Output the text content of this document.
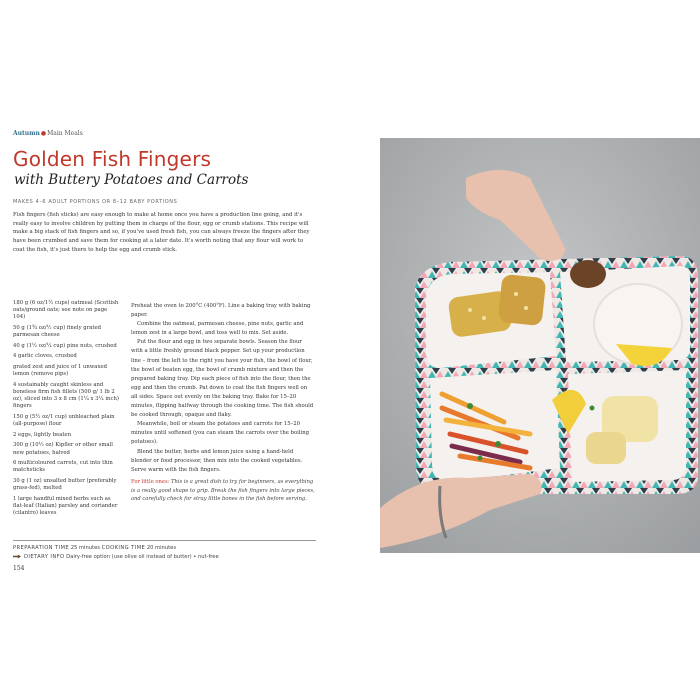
Autumn●Main Meals
Golden Fish Fingers
with Buttery Potatoes and Carrots
MAKES 4–6 ADULT PORTIONS OR 8–12 BABY PORTIONS
Fish fingers (fish sticks) are easy enough to make at home once you have a production line going, and it's really easy to involve children by putting them in charge of the flour, egg or crumb stations. This recipe will make a big stack of fish fingers and so, if you've used fresh fish, you can always freeze the fingers after they have been crumbed and save them for cooking at a later date. It's worth noting that any flour will work to coat the fish, it's just there to help the egg and crumb stick.

180 g (6 oz/1½ cups) oatmeal (Scottish oats/ground oats; see note on page 104)

50 g (1¾ oz/½ cup) finely grated parmesan cheese

40 g (1½ oz/¼ cup) pine nuts, crushed

4 garlic cloves, crushed

grated zest and juice of 1 unwaxed lemon (remove pips)

4 sustainably caught skinless and boneless firm fish fillets (500 g/ 1 lb 2 oz), sliced into 3 x 8 cm (1¼ x 3¼ inch) fingers

150 g (5½ oz/1 cup) unbleached plain (all-purpose) flour

2 eggs, lightly beaten

300 g (10½ oz) Kipfler or other small new potatoes, halved

6 multicoloured carrots, cut into thin matchsticks

30 g (1 oz) unsalted butter (preferably grass-fed), melted

1 large handful mixed herbs such as flat-leaf (Italian) parsley and coriander (cilantro) leaves

Preheat the oven to 200°C (400°F). Line a baking tray with baking paper.

Combine the oatmeal, parmesan cheese, pine nuts, garlic and lemon zest in a large bowl, and toss well to mix. Set aside.

Put the flour and egg in two separate bowls. Season the flour with a little freshly ground black pepper. Set up your production line – from the left to the right you have your fish, the bowl of flour, the bowl of beaten egg, the bowl of crumb mixture and then the prepared baking tray. Dip each piece of fish into the flour, then the egg and then the crumb. Pat down to coat the fish fingers well on all sides. Space out evenly on the baking tray. Bake for 15–20 minutes, flipping halfway through the cooking time. The fish should be cooked through, opaque and flaky.

Meanwhile, boil or steam the potatoes and carrots for 15–20 minutes until softened (you can steam the carrots over the boiling potatoes).

Blend the butter, herbs and lemon juice using a hand-held blender or food processor, then mix into the cooked vegetables. Serve warm with the fish fingers.

For little ones: This is a great dish to try for beginners, as everything is a really good shape to grip. Break the fish fingers into large pieces, and carefully check for stray little bones in the fish before serving.
PREPARATION TIME 25 minutes COOKING TIME 20 minutes
DIETARY INFO Dairy-free option (use olive oil instead of butter) • nut-free
154
